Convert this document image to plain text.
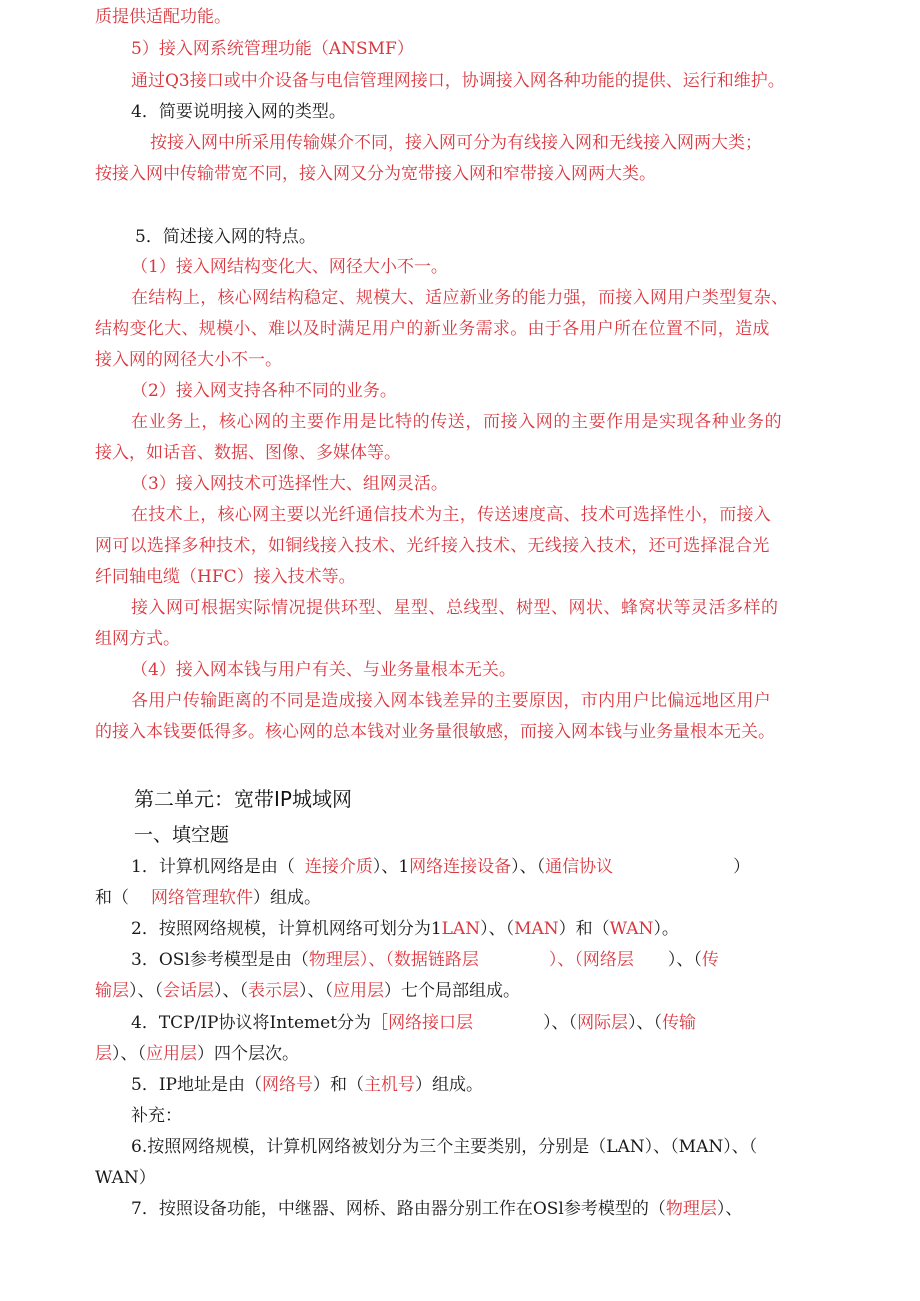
质提供适配功能。
5）接入网系统管理功能（ANSMF）
通过Q3接口或中介设备与电信管理网接口，协调接入网各种功能的提供、运行和维护。
4．简要说明接入网的类型。
按接入网中所采用传输媒介不同，接入网可分为有线接入网和无线接入网两大类；
按接入网中传输带宽不同，接入网又分为宽带接入网和窄带接入网两大类。
5．简述接入网的特点。
（1）接入网结构变化大、网径大小不一。
在结构上，核心网结构稳定、规模大、适应新业务的能力强，而接入网用户类型复杂、
结构变化大、规模小、难以及时满足用户的新业务需求。由于各用户所在位置不同，造成
接入网的网径大小不一。
（2）接入网支持各种不同的业务。
在业务上，核心网的主要作用是比特的传送，而接入网的主要作用是实现各种业务的
接入，如话音、数据、图像、多媒体等。
（3）接入网技术可选择性大、组网灵活。
在技术上，核心网主要以光纤通信技术为主，传送速度高、技术可选择性小，而接入
网可以选择多种技术，如铜线接入技术、光纤接入技术、无线接入技术，还可选择混合光
纤同轴电缆（HFC）接入技术等。
接入网可根据实际情况提供环型、星型、总线型、树型、网状、蜂窝状等灵活多样的
组网方式。
（4）接入网本钱与用户有关、与业务量根本无关。
各用户传输距离的不同是造成接入网本钱差异的主要原因，市内用户比偏远地区用户
的接入本钱要低得多。核心网的总本钱对业务量很敏感，而接入网本钱与业务量根本无关。
第二单元：宽带IP城域网
一、填空题
1．计算机网络是由（ 连接介质）、1网络连接设备）、（通信协议	）
和（ 网络管理软件）组成。
2．按照网络规模，计算机网络可划分为1LAN）、（MAN）和（WAN）。
3．OSl参考模型是由（物理层）、（数据链路层	）、（网络层 ）、（传
输层）、（会话层）、（表示层）、（应用层）七个局部组成。
4．TCP/IP协议将Intemet分为［网络接口层	）、（网际层）、（传输
层）、（应用层）四个层次。
5．IP地址是由（网络号）和（主机号）组成。
补充：
6.按照网络规模，计算机网络被划分为三个主要类别，分别是（LAN）、（MAN）、（
WAN）
7．按照设备功能，中继器、网桥、路由器分别工作在OSl参考模型的（物理层）、
